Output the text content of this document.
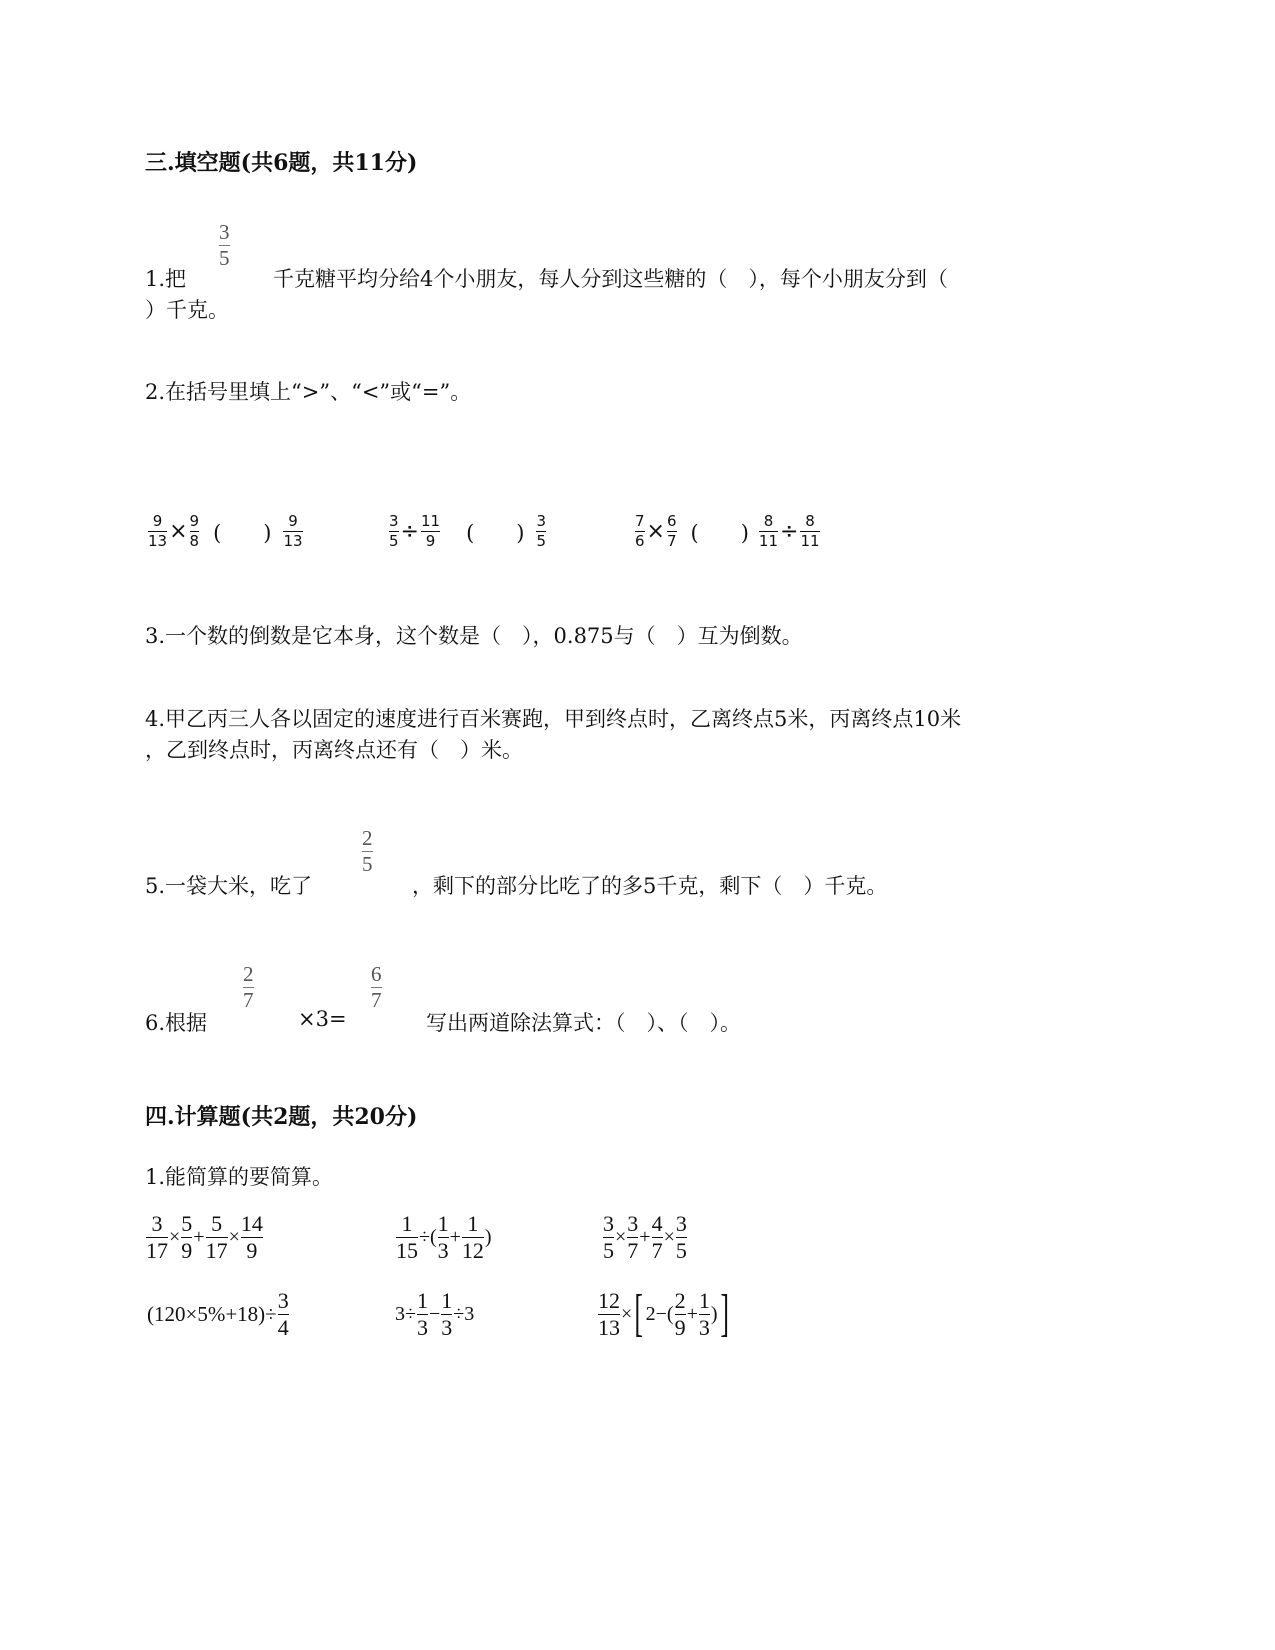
三.填空题(共6题，共11分)
1.把
3
5
千克糖平均分给4个小朋友，每人分到这些糖的（　），每个小朋友分到（
）千克。
2.在括号里填上“>”、“<”或“=”。
$\frac{9}{13} \times \frac{9}{8}$ (　　) $\frac{9}{13}$	$\frac{3}{5} \div \frac{11}{9}$	(　　) $\frac{3}{5}$	$\frac{7}{6} \times \frac{6}{7}$ (　　) $\frac{8}{11} \div \frac{8}{11}$
3.一个数的倒数是它本身，这个数是（　），0.875与（　）互为倒数。
4.甲乙丙三人各以固定的速度进行百米赛跑，甲到终点时，乙离终点5米，丙离终点10米
，乙到终点时，丙离终点还有（　）米。
5.一袋大米，吃了
2
5
，剩下的部分比吃了的多5千克，剩下（　）千克。
6.根据
2
7
×3=
6
7
写出两道除法算式：（　）、（　）。
四.计算题(共2题，共20分)
1.能简算的要简算。
$\frac{3}{17} \times \frac{5}{9} + \frac{5}{17} \times \frac{14}{9}$	$\frac{1}{15}$ ÷( $\frac{1}{3} + \frac{1}{12}$ )	$\frac{3}{5} \times \frac{3}{7} + \frac{4}{7} \times \frac{3}{5}$
$(120\times 5\%+18)\div \frac{3}{4}$	$3\div \frac{1}{3} - \frac{1}{3} \div 3$	$\frac{12}{13}$ × [ $2-( \frac{2}{9} + \frac{1}{3}$ ) ]
